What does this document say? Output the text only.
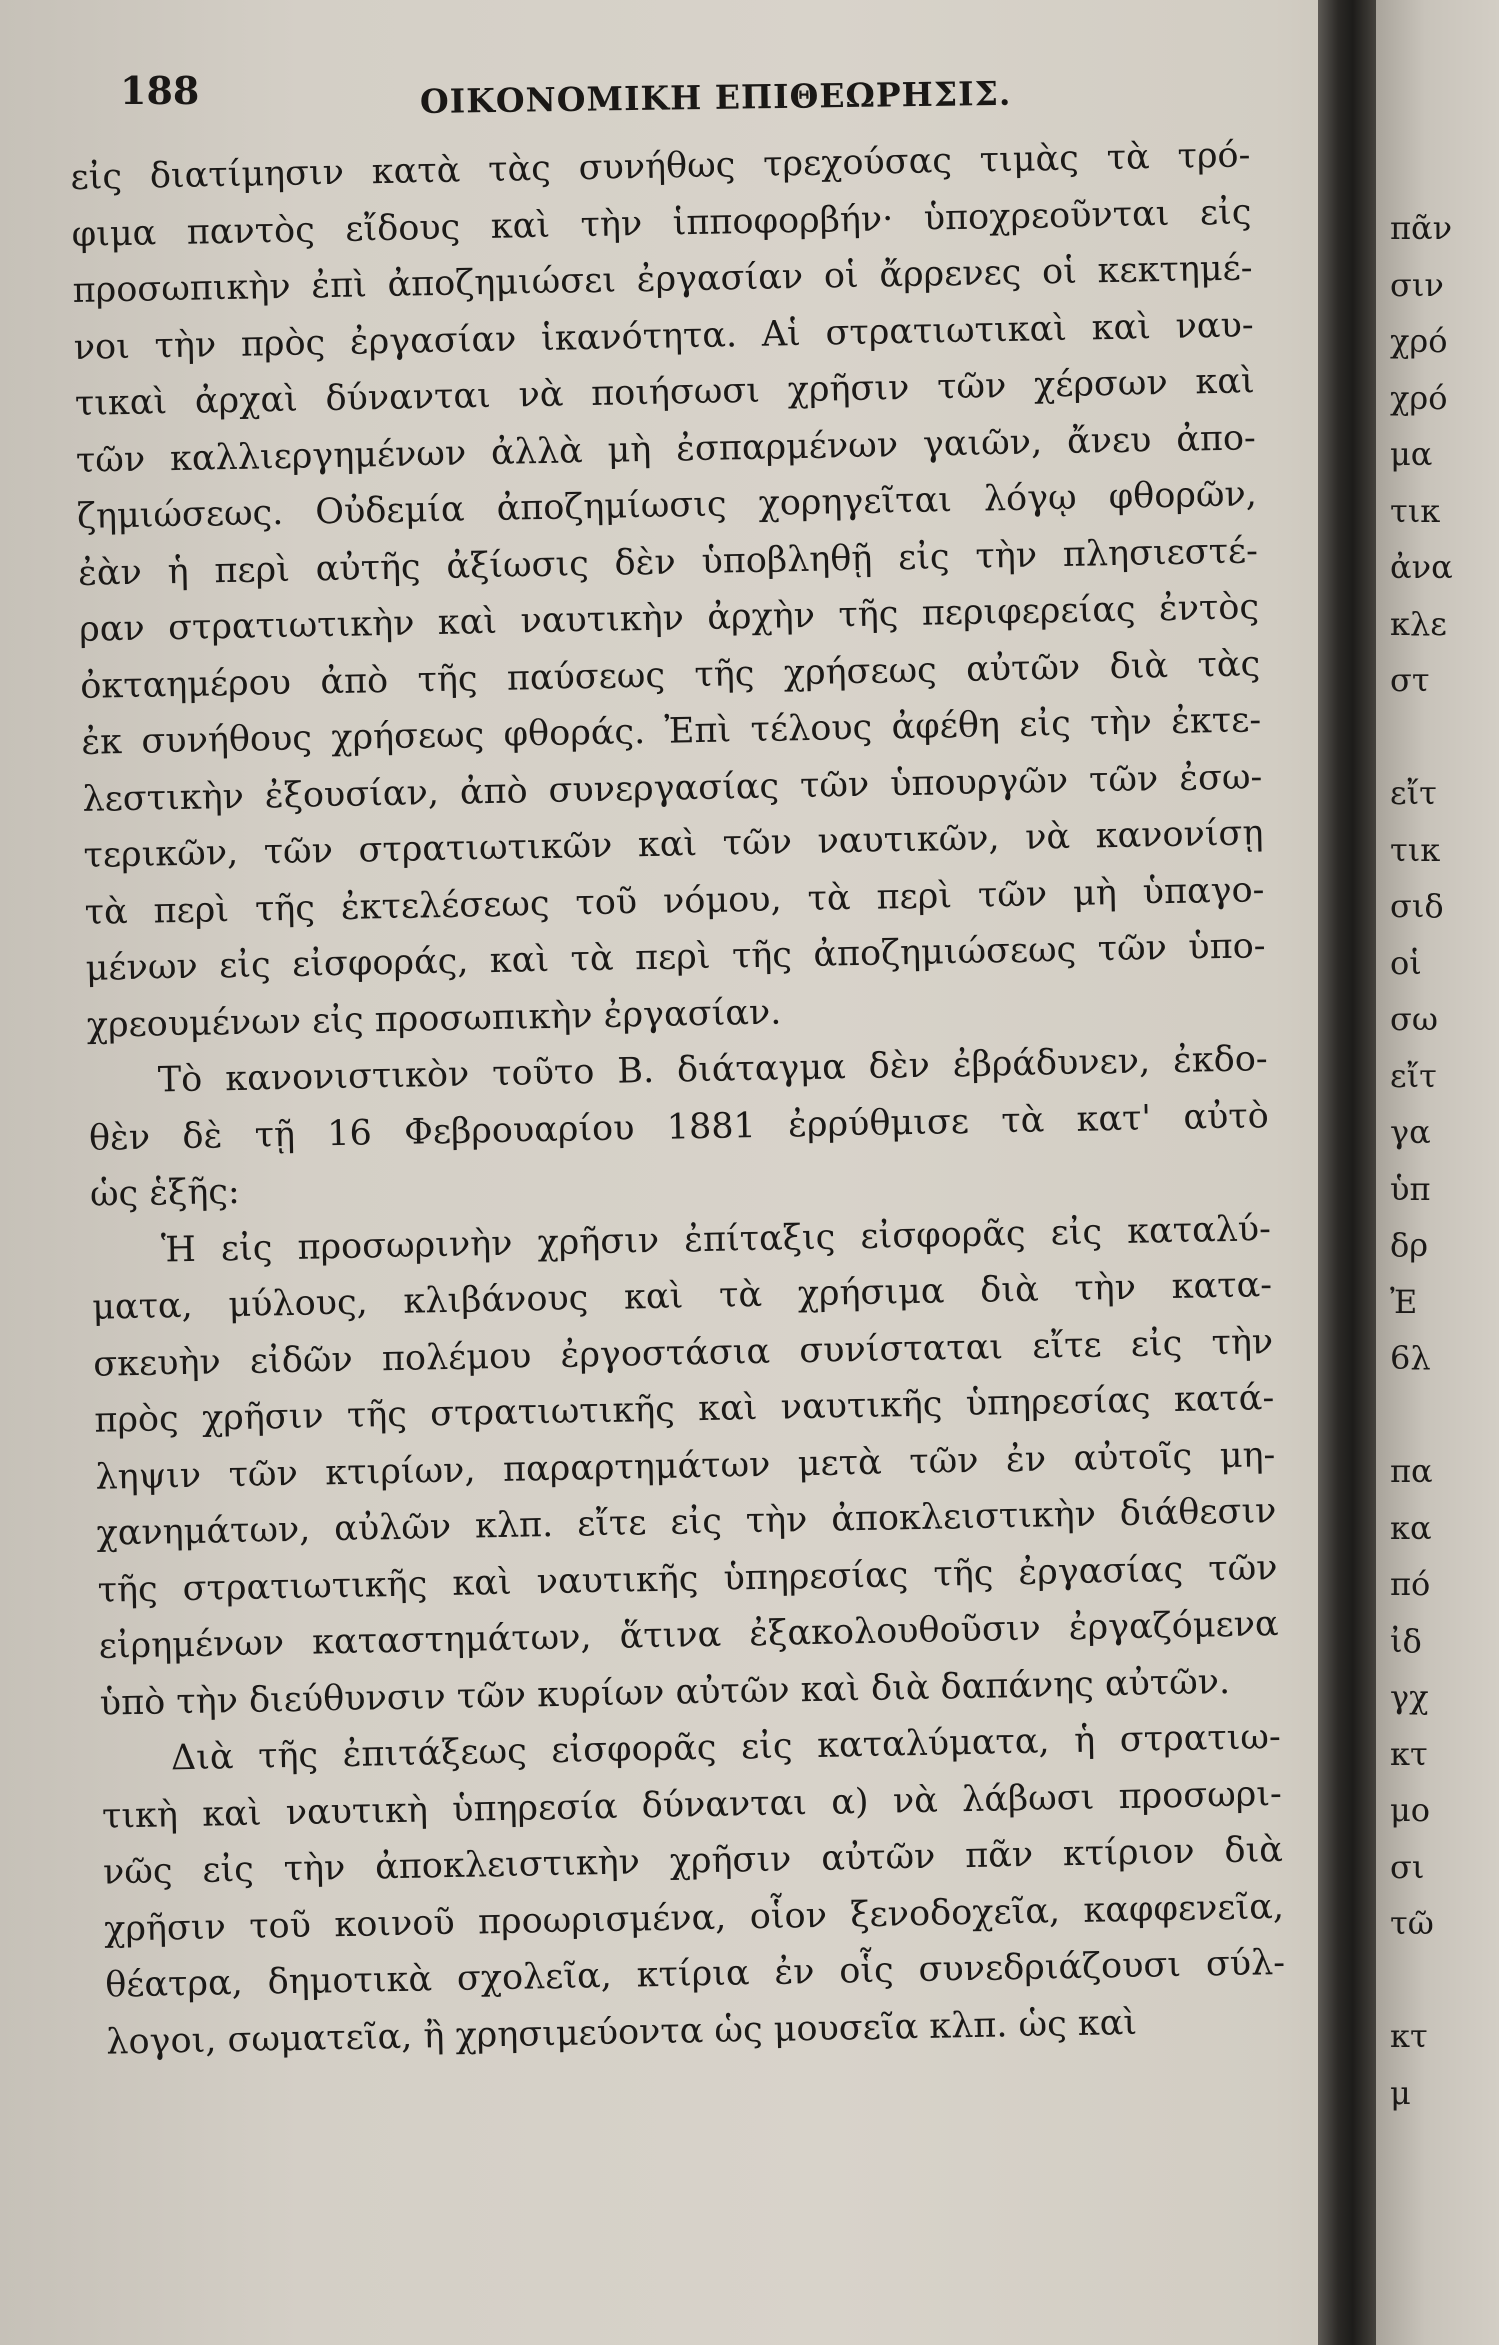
188	ΟΙΚΟΝΟΜΙΚΗ ΕΠΙΘΕΩΡΗΣΙΣ.
εἰς διατίμησιν κατὰ τὰς συνήθως τρεχούσας τιμὰς τὰ τρό-
φιμα παντὸς εἴδους καὶ τὴν ἱπποφορβήν· ὑποχρεοῦνται εἰς
προσωπικὴν ἐπὶ ἀποζημιώσει ἐργασίαν οἱ ἄρρενες οἱ κεκτημέ-
νοι τὴν πρὸς ἐργασίαν ἱκανότητα. Αἱ στρατιωτικαὶ καὶ ναυ-
τικαὶ ἀρχαὶ δύνανται νὰ ποιήσωσι χρῆσιν τῶν χέρσων καὶ
τῶν καλλιεργημένων ἀλλὰ μὴ ἐσπαρμένων γαιῶν, ἄνευ ἀπο-
ζημιώσεως. Οὐδεμία ἀποζημίωσις χορηγεῖται λόγῳ φθορῶν,
ἐὰν ἡ περὶ αὐτῆς ἀξίωσις δὲν ὑποβληθῇ εἰς τὴν πλησιεστέ-
ραν στρατιωτικὴν καὶ ναυτικὴν ἀρχὴν τῆς περιφερείας ἐντὸς
ὀκταημέρου ἀπὸ τῆς παύσεως τῆς χρήσεως αὐτῶν διὰ τὰς
ἐκ συνήθους χρήσεως φθοράς. Ἐπὶ τέλους ἀφέθη εἰς τὴν ἐκτε-
λεστικὴν ἐξουσίαν, ἀπὸ συνεργασίας τῶν ὑπουργῶν τῶν ἐσω-
τερικῶν, τῶν στρατιωτικῶν καὶ τῶν ναυτικῶν, νὰ κανονίσῃ
τὰ περὶ τῆς ἐκτελέσεως τοῦ νόμου, τὰ περὶ τῶν μὴ ὑπαγο-
μένων εἰς εἰσφοράς, καὶ τὰ περὶ τῆς ἀποζημιώσεως τῶν ὑπο-
χρεουμένων εἰς προσωπικὴν ἐργασίαν.
Τὸ κανονιστικὸν τοῦτο Β. διάταγμα δὲν ἐβράδυνεν, ἐκδο-
θὲν δὲ τῇ 16 Φεβρουαρίου 1881 ἐρρύθμισε τὰ κατ' αὐτὸ
ὡς ἑξῆς:
Ἡ εἰς προσωρινὴν χρῆσιν ἐπίταξις εἰσφορᾶς εἰς καταλύ-
ματα, μύλους, κλιβάνους καὶ τὰ χρήσιμα διὰ τὴν κατα-
σκευὴν εἰδῶν πολέμου ἐργοστάσια συνίσταται εἴτε εἰς τὴν
πρὸς χρῆσιν τῆς στρατιωτικῆς καὶ ναυτικῆς ὑπηρεσίας κατά-
ληψιν τῶν κτιρίων, παραρτημάτων μετὰ τῶν ἐν αὐτοῖς μη-
χανημάτων, αὐλῶν κλπ. εἴτε εἰς τὴν ἀποκλειστικὴν διάθεσιν
τῆς στρατιωτικῆς καὶ ναυτικῆς ὑπηρεσίας τῆς ἐργασίας τῶν
εἰρημένων καταστημάτων, ἅτινα ἐξακολουθοῦσιν ἐργαζόμενα
ὑπὸ τὴν διεύθυνσιν τῶν κυρίων αὐτῶν καὶ διὰ δαπάνης αὐτῶν.
Διὰ τῆς ἐπιτάξεως εἰσφορᾶς εἰς καταλύματα, ἡ στρατιω-
τικὴ καὶ ναυτικὴ ὑπηρεσία δύνανται α) νὰ λάβωσι προσωρι-
νῶς εἰς τὴν ἀποκλειστικὴν χρῆσιν αὐτῶν πᾶν κτίριον διὰ
χρῆσιν τοῦ κοινοῦ προωρισμένα, οἷον ξενοδοχεῖα, καφφενεῖα,
θέατρα, δημοτικὰ σχολεῖα, κτίρια ἐν οἷς συνεδριάζουσι σύλ-
λογοι, σωματεῖα, ἢ χρησιμεύοντα ὡς μουσεῖα κλπ. ὡς καὶ
πᾶν
σιν
χρό
χρό
μα
τικ
ἀνα
κλε
στ
εἴτ
τικ
σιδ
οἱ
σω
εἴτ
γα
ὑπ
δρ
Ἐ
6λ
πα
κα
πό
ἰδ
γχ
κτ
μο
σι
τῶ
κτ
μ
